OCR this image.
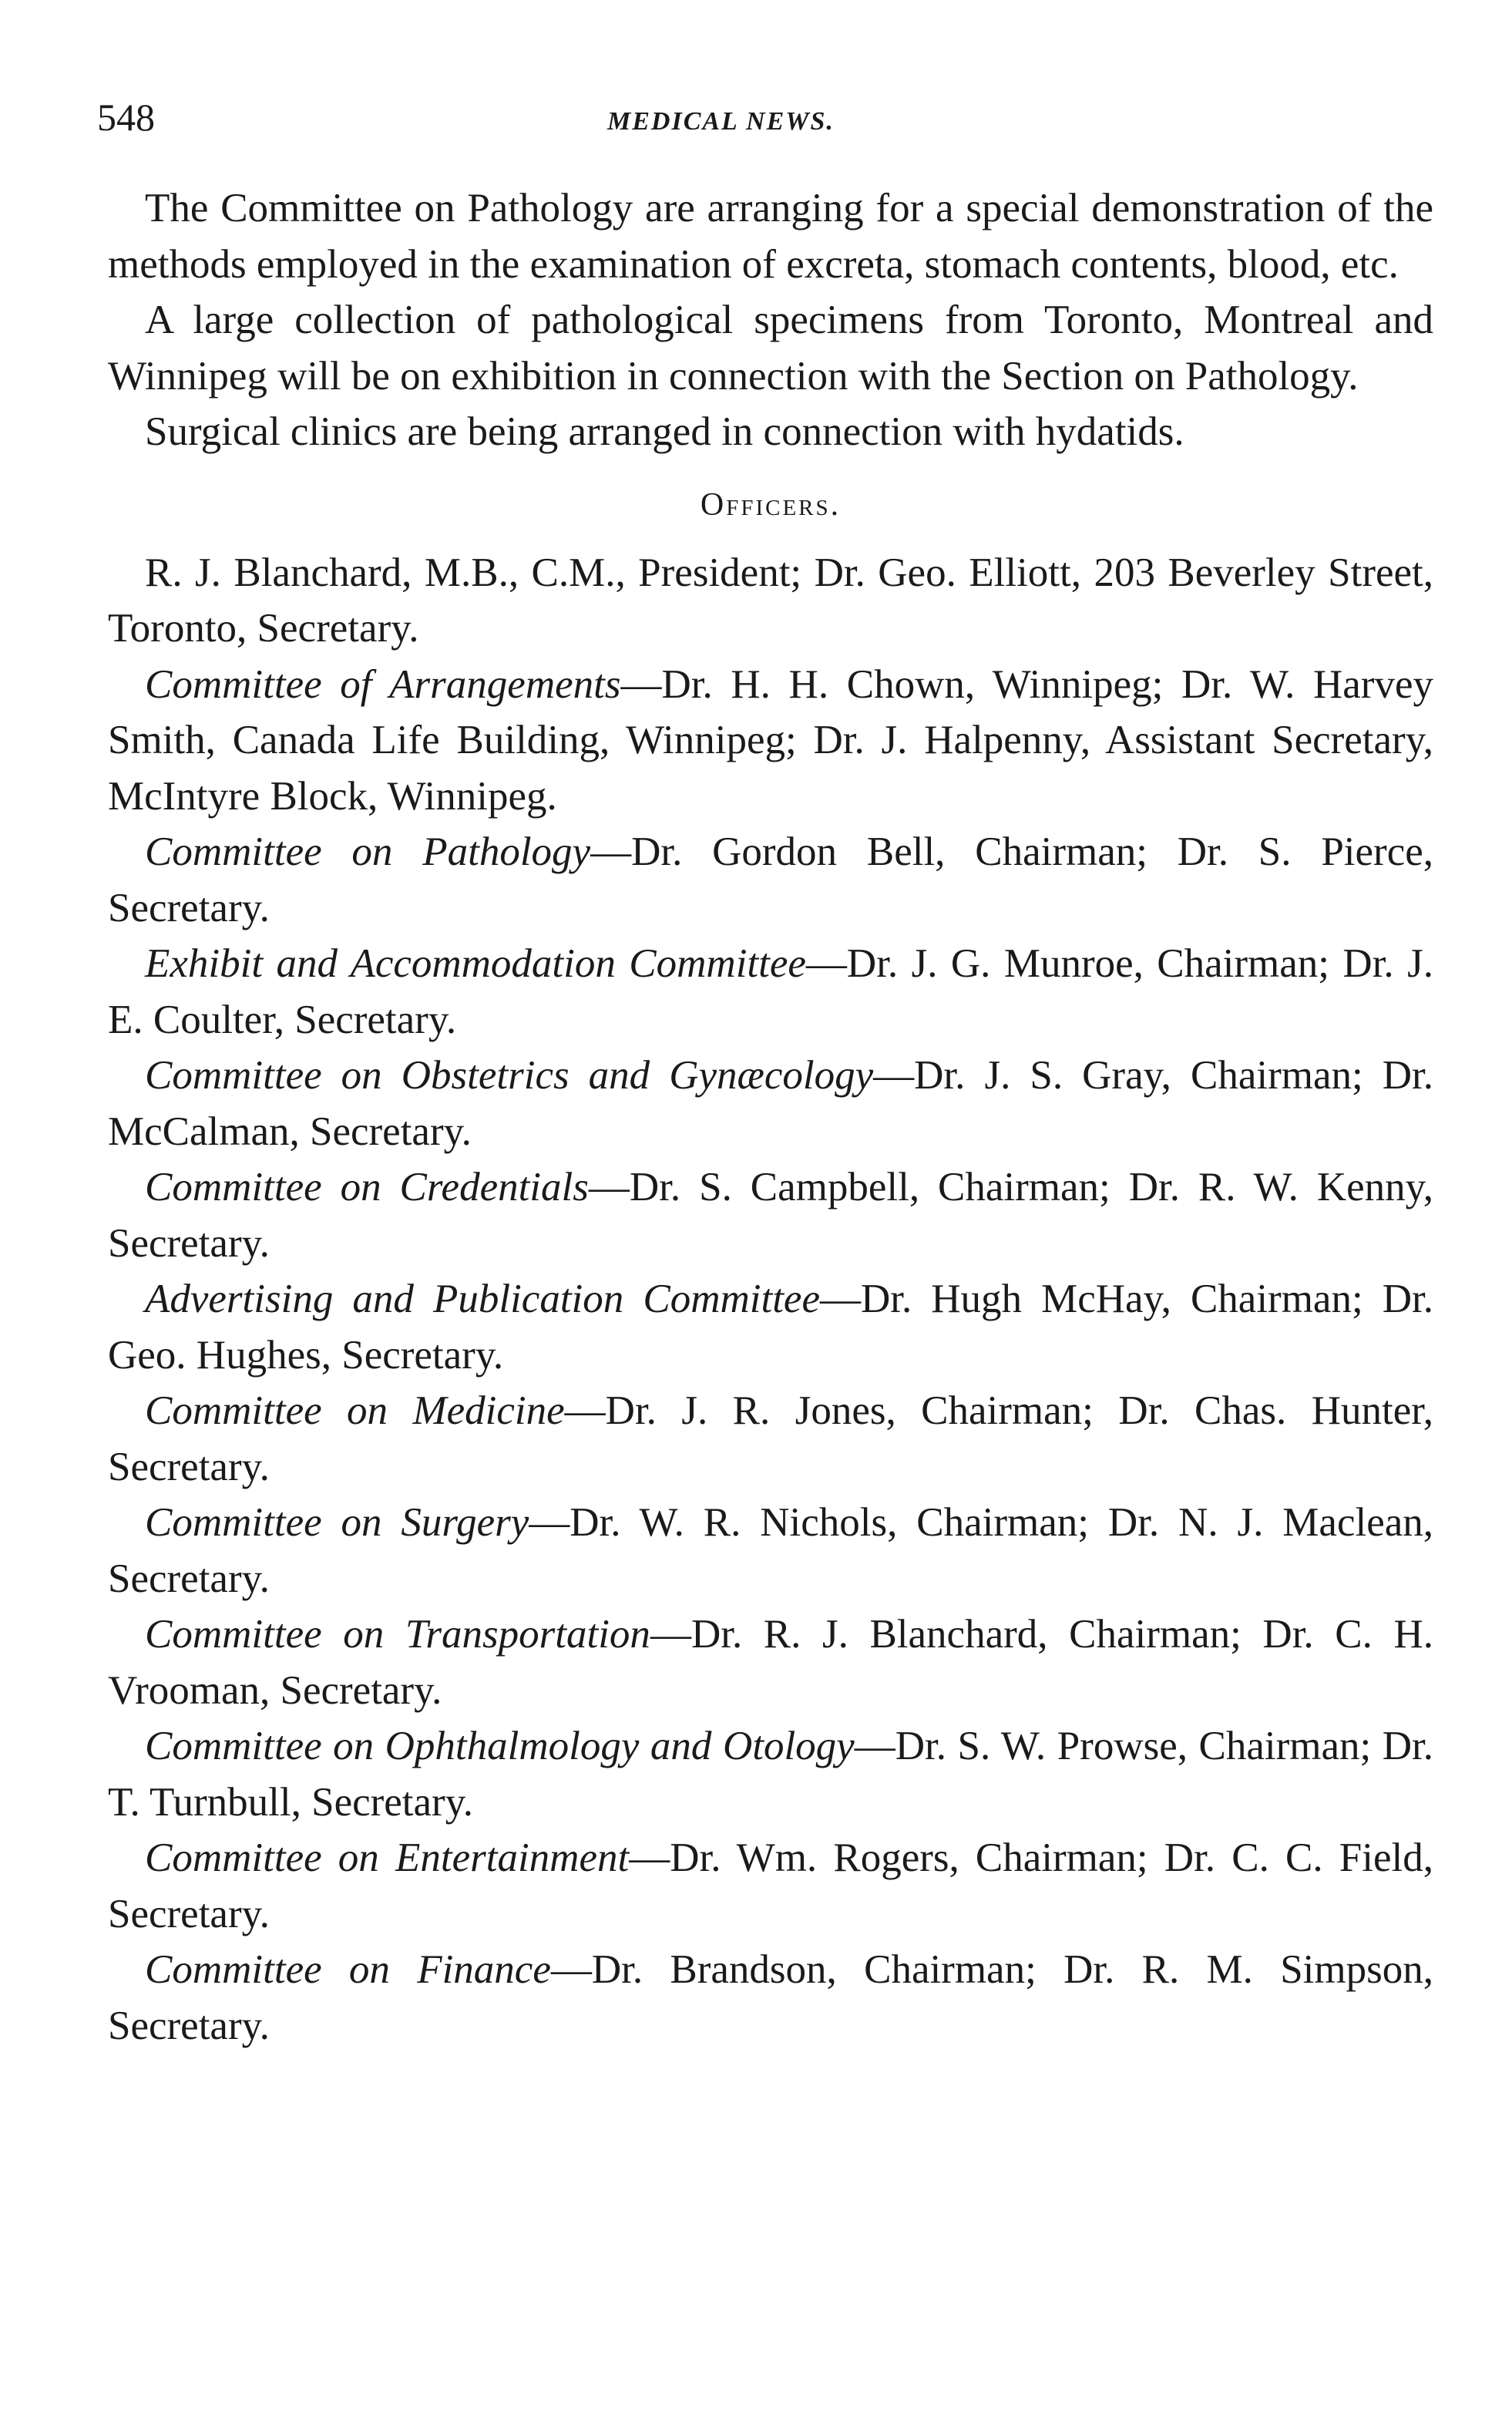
548	MEDICAL NEWS.

The Committee on Pathology are arranging for a special demonstration of the methods employed in the examination of excreta, stomach contents, blood, etc.

A large collection of pathological specimens from Toronto, Montreal and Winnipeg will be on exhibition in connection with the Section on Pathology.

Surgical clinics are being arranged in connection with hydatids.

Officers.

R. J. Blanchard, M.B., C.M., President; Dr. Geo. Elliott, 203 Beverley Street, Toronto, Secretary.

Committee of Arrangements—Dr. H. H. Chown, Winnipeg; Dr. W. Harvey Smith, Canada Life Building, Winnipeg; Dr. J. Halpenny, Assistant Secretary, McIntyre Block, Winnipeg.

Committee on Pathology—Dr. Gordon Bell, Chairman; Dr. S. Pierce, Secretary.

Exhibit and Accommodation Committee—Dr. J. G. Munroe, Chairman; Dr. J. E. Coulter, Secretary.

Committee on Obstetrics and Gynæcology—Dr. J. S. Gray, Chairman; Dr. McCalman, Secretary.

Committee on Credentials—Dr. S. Campbell, Chairman; Dr. R. W. Kenny, Secretary.

Advertising and Publication Committee—Dr. Hugh McHay, Chairman; Dr. Geo. Hughes, Secretary.

Committee on Medicine—Dr. J. R. Jones, Chairman; Dr. Chas. Hunter, Secretary.

Committee on Surgery—Dr. W. R. Nichols, Chairman; Dr. N. J. Maclean, Secretary.

Committee on Transportation—Dr. R. J. Blanchard, Chairman; Dr. C. H. Vrooman, Secretary.

Committee on Ophthalmology and Otology—Dr. S. W. Prowse, Chairman; Dr. T. Turnbull, Secretary.

Committee on Entertainment—Dr. Wm. Rogers, Chairman; Dr. C. C. Field, Secretary.

Committee on Finance—Dr. Brandson, Chairman; Dr. R. M. Simpson, Secretary.
